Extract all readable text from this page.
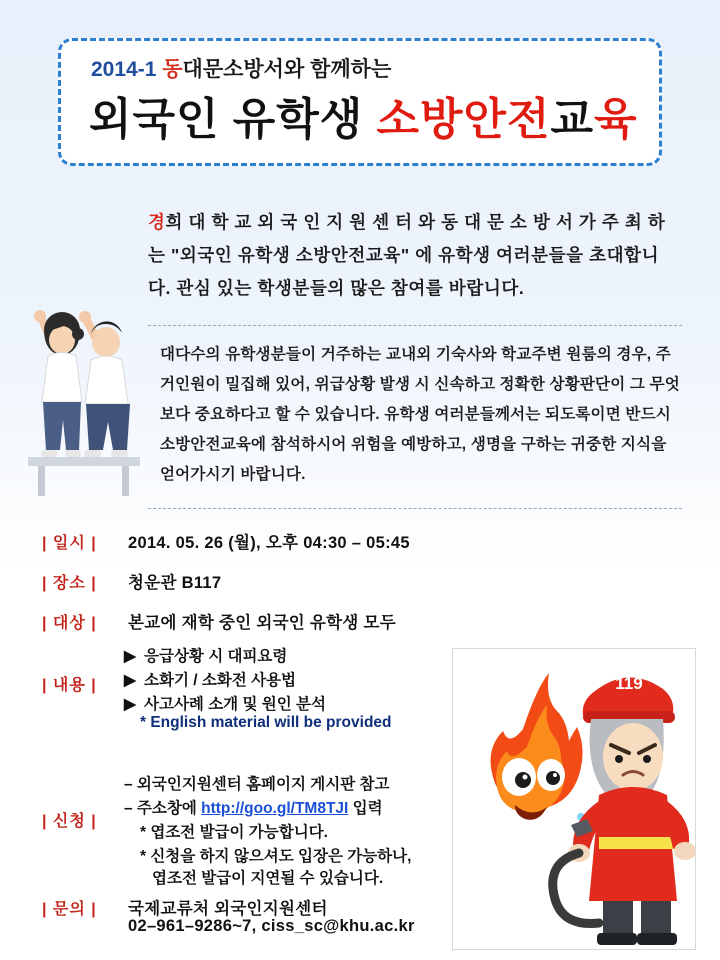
2014-1 동대문소방서와 함께하는
외국인 유학생 소방안전교육
경희 대 학 교 외 국 인 지 원 센 터 와 동 대 문 소 방 서 가 주 최 하 는 "외국인 유학생 소방안전교육" 에 유학생 여러분들을 초대합니다. 관심 있는 학생분들의 많은 참여를 바랍니다.
대다수의 유학생분들이 거주하는 교내외 기숙사와 학교주변 원룸의 경우, 주거인원이 밀집해 있어, 위급상황 발생 시 신속하고 정확한 상황판단이 그 무엇보다 중요하다고 할 수 있습니다. 유학생 여러분들께서는 되도록이면 반드시 소방안전교육에 참석하시어 위험을 예방하고, 생명을 구하는 귀중한 지식을 얻어가시기 바랍니다.
| 일시 | 2014. 05. 26 (월), 오후 04:30 – 05:45
| 장소 | 청운관 B117
| 대상 | 본교에 재학 중인 외국인 유학생 모두
| 내용 |
▶ 응급상황 시 대피요령
▶ 소화기 / 소화전 사용법
▶ 사고사례 소개 및 원인 분석
* English material will be provided
| 신청 |
– 외국인지원센터 홈페이지 게시판 참고
– 주소창에 http://goo.gl/TM8TJI 입력
* 엽조전 발급이 가능합니다.
* 신청을 하지 않으셔도 입장은 가능하나,
엽조전 발급이 지연될 수 있습니다.
| 문의 | 국제교류처 외국인지원센터
02–961–9286~7, ciss_sc@khu.ac.kr
119
